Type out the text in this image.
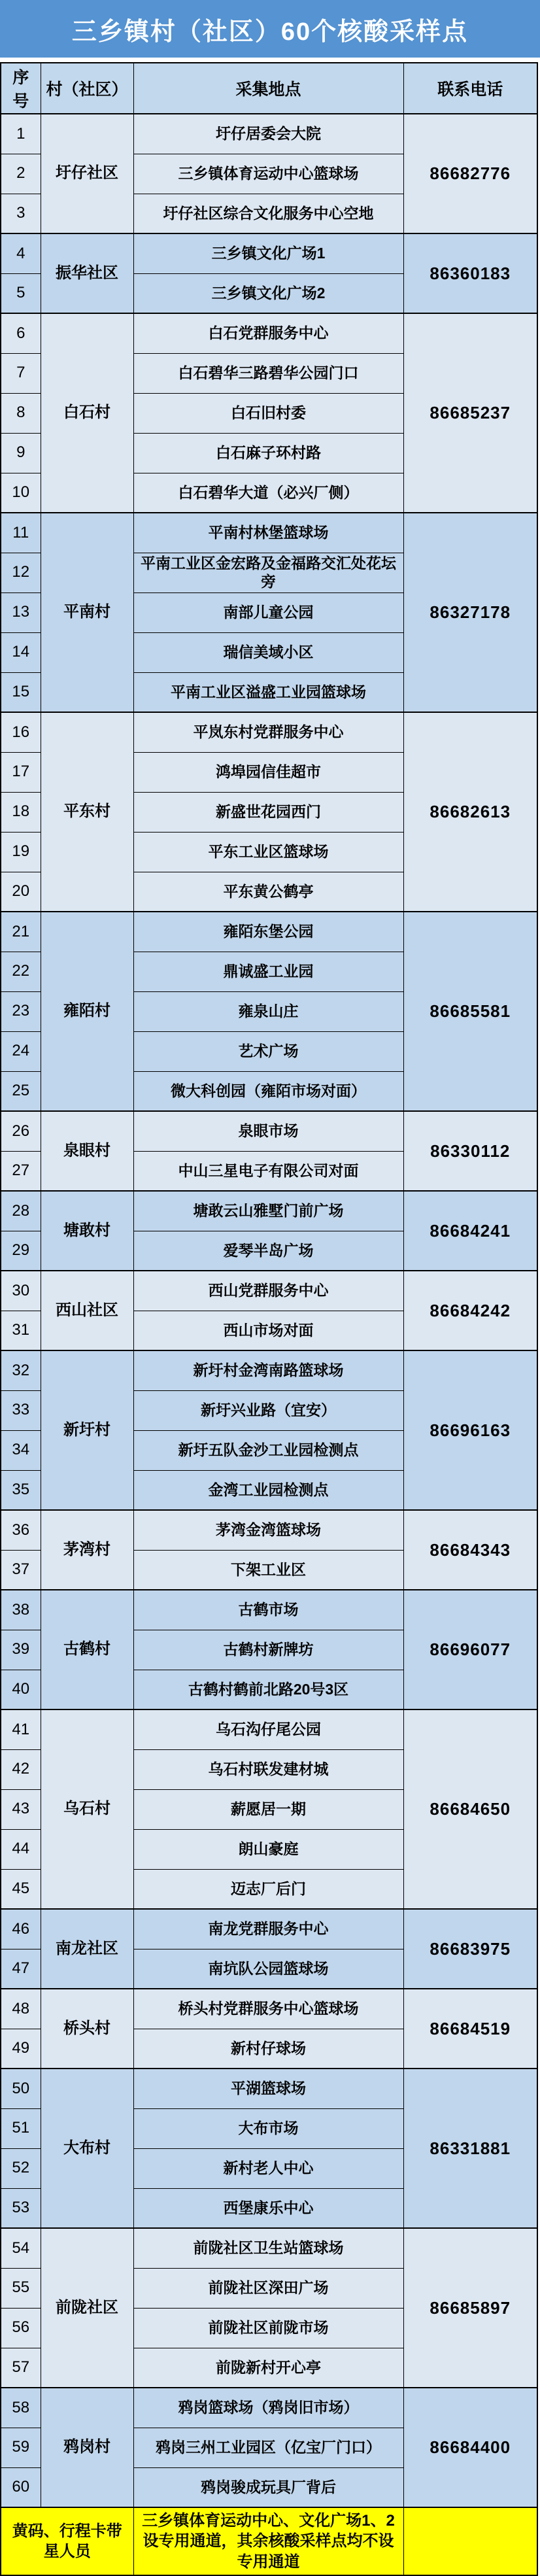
三乡镇村（社区）60个核酸采样点
序号	村（社区）	采集地点	联系电话
1	圩仔社区	圩仔居委会大院	86682776
2		三乡镇体育运动中心篮球场	
3		圩仔社区综合文化服务中心空地	
4	振华社区	三乡镇文化广场1	86360183
5		三乡镇文化广场2	
6	白石村	白石党群服务中心	86685237
7		白石碧华三路碧华公园门口	
8		白石旧村委	
9		白石麻子环村路	
10		白石碧华大道（必兴厂侧）	
11	平南村	平南村林堡篮球场	86327178
12		平南工业区金宏路及金福路交汇处花坛旁	
13		南部儿童公园	
14		瑞信美域小区	
15		平南工业区溢盛工业园篮球场	
16	平东村	平岚东村党群服务中心	86682613
17		鸿埠园信佳超市	
18		新盛世花园西门	
19		平东工业区篮球场	
20		平东黄公鹤亭	
21	雍陌村	雍陌东堡公园	86685581
22		鼎诚盛工业园	
23		雍泉山庄	
24		艺术广场	
25		微大科创园（雍陌市场对面）	
26	泉眼村	泉眼市场	86330112
27		中山三星电子有限公司对面	
28	塘敢村	塘敢云山雅墅门前广场	86684241
29		爱琴半岛广场	
30	西山社区	西山党群服务中心	86684242
31		西山市场对面	
32	新圩村	新圩村金湾南路篮球场	86696163
33		新圩兴业路（宜安）	
34		新圩五队金沙工业园检测点	
35		金湾工业园检测点	
36	茅湾村	茅湾金湾篮球场	86684343
37		下架工业区	
38	古鹤村	古鹤市场	86696077
39		古鹤村新牌坊	
40		古鹤村鹤前北路20号3区	
41	乌石村	乌石沟仔尾公园	86684650
42		乌石村联发建材城	
43		薪愿居一期	
44		朗山豪庭	
45		迈志厂后门	
46	南龙社区	南龙党群服务中心	86683975
47		南坑队公园篮球场	
48	桥头村	桥头村党群服务中心篮球场	86684519
49		新村仔球场	
50	大布村	平湖篮球场	86331881
51		大布市场	
52		新村老人中心	
53		西堡康乐中心	
54	前陇社区	前陇社区卫生站篮球场	86685897
55		前陇社区深田广场	
56		前陇社区前陇市场	
57		前陇新村开心亭	
58	鸦岗村	鸦岗篮球场（鸦岗旧市场）	86684400
59		鸦岗三州工业园区（亿宝厂门口）	
60		鸦岗骏成玩具厂背后	
黄码、行程卡带星人员		三乡镇体育运动中心、文化广场1、2设专用通道，其余核酸采样点均不设专用通道	
